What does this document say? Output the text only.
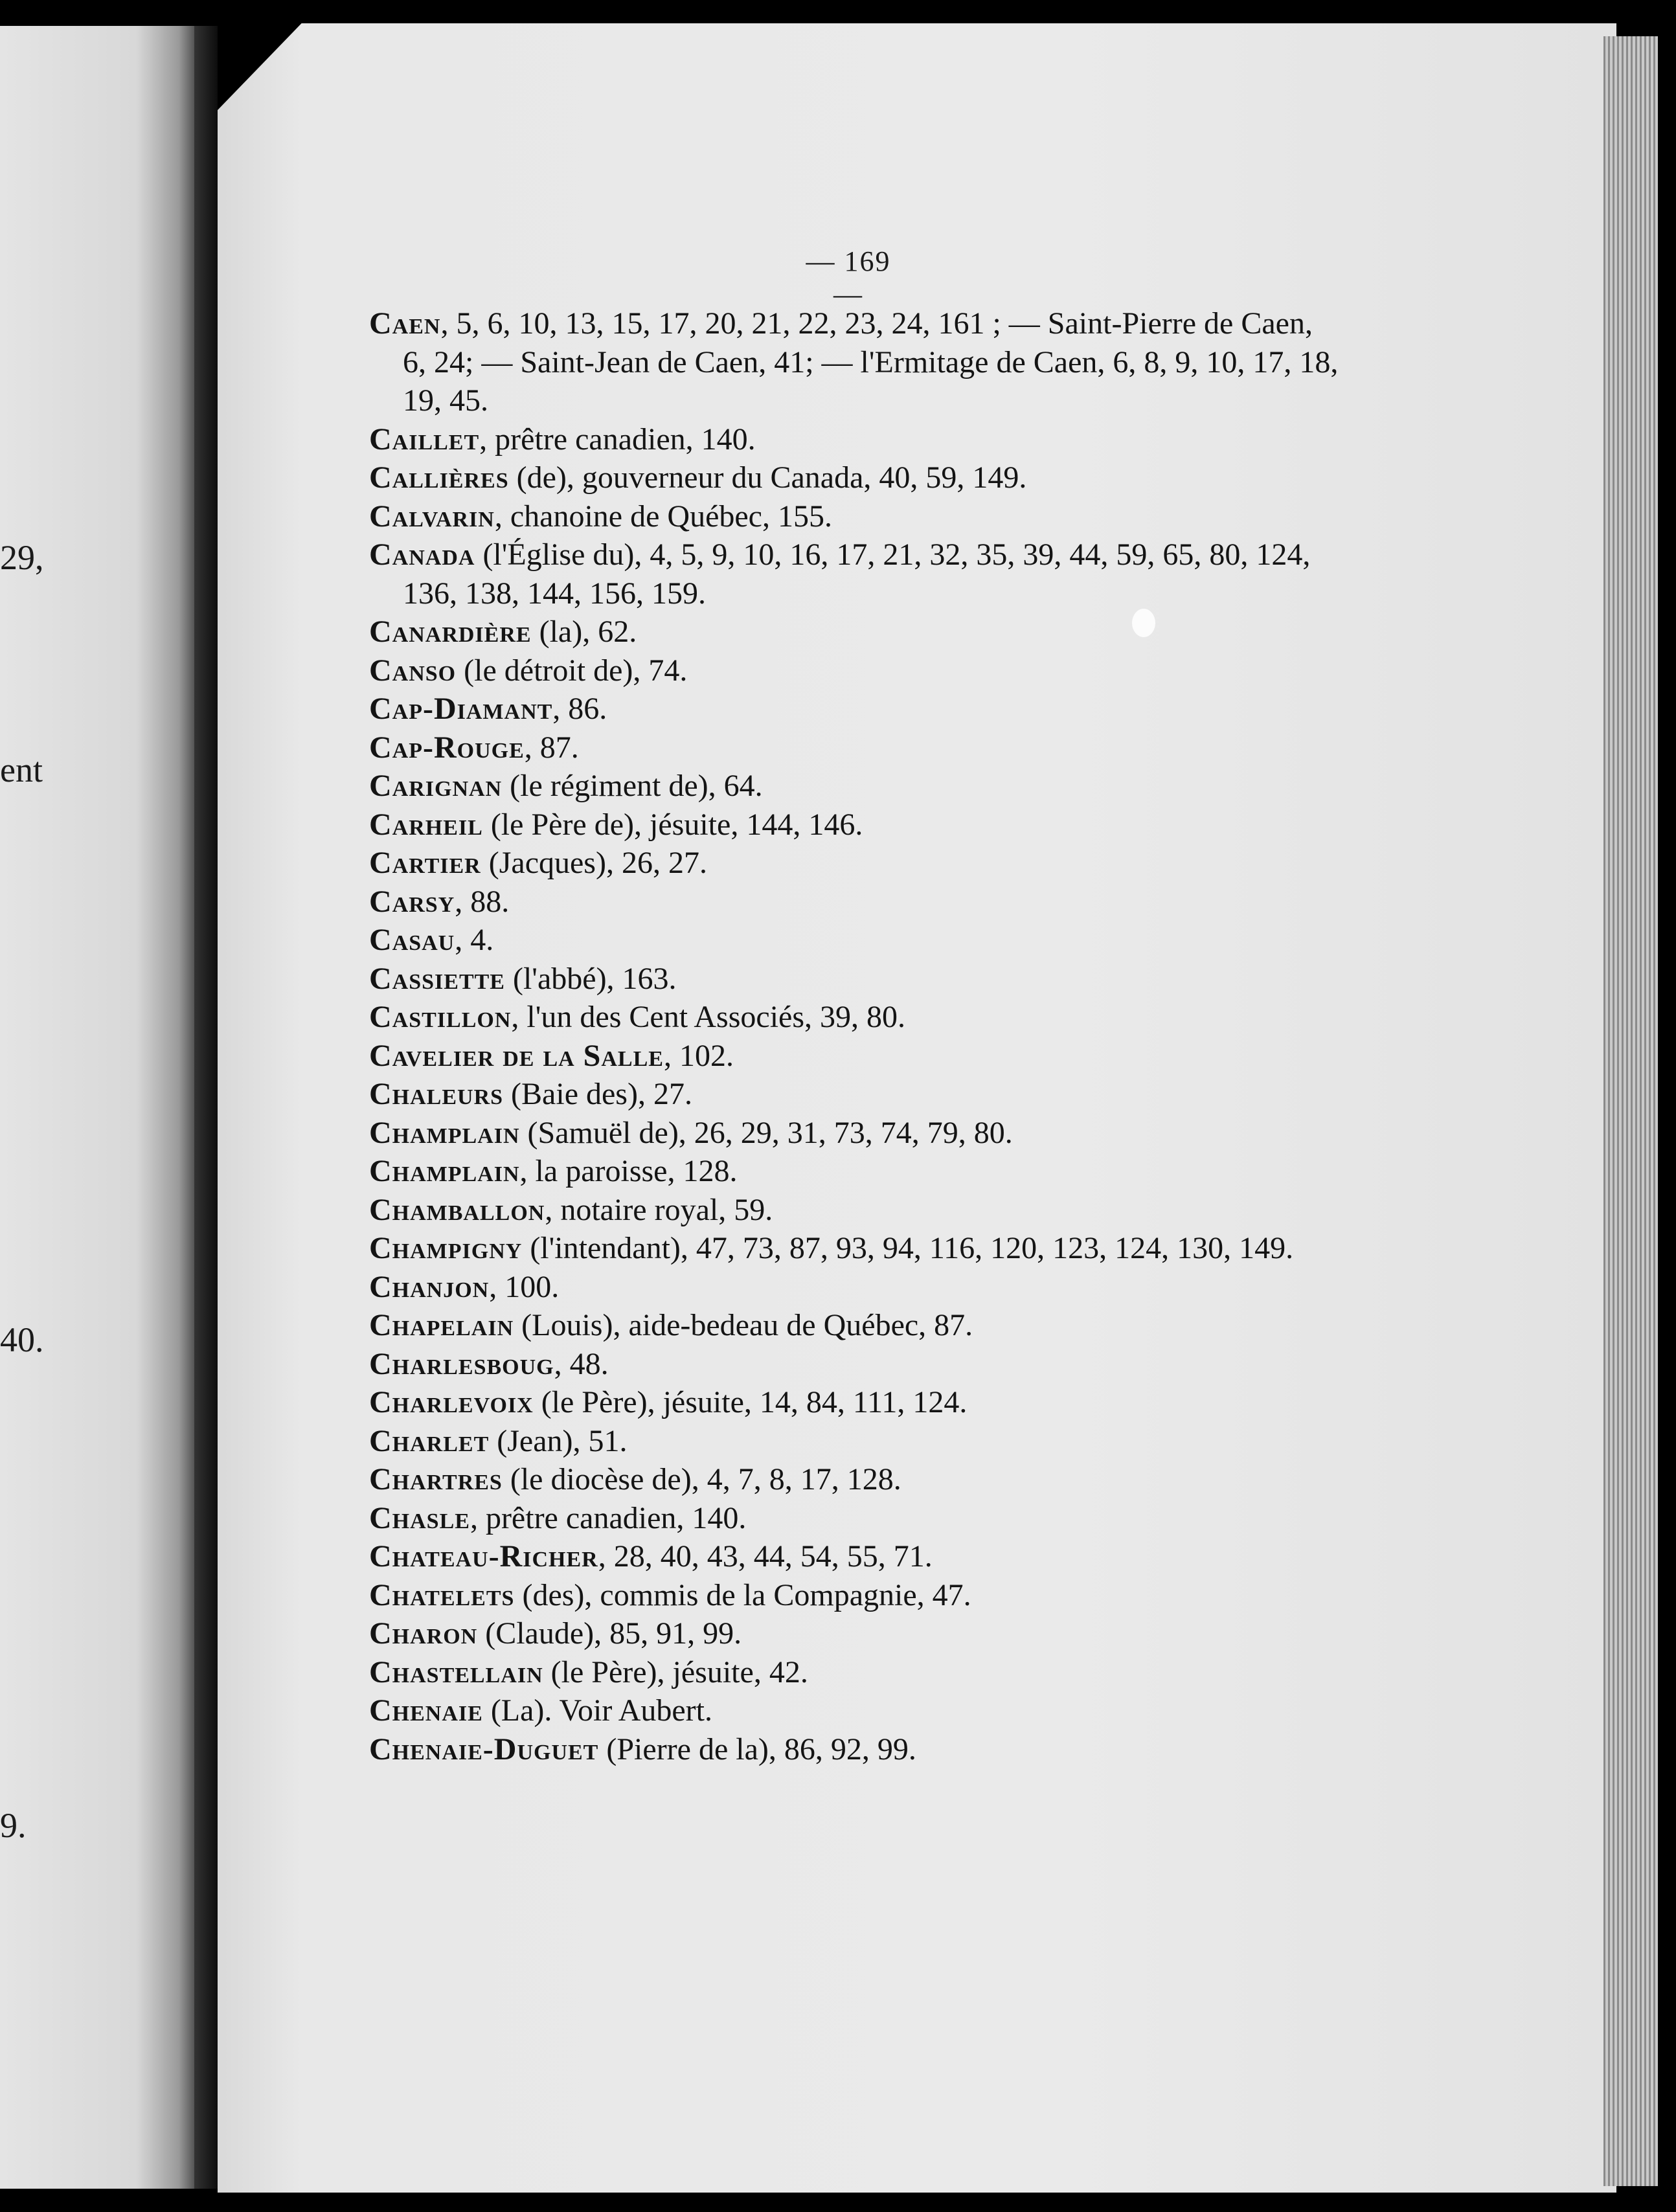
29,
ent
40.
9.
— 169 —
Caen, 5, 6, 10, 13, 15, 17, 20, 21, 22, 23, 24, 161 ; — Saint-Pierre de Caen, 6, 24; — Saint-Jean de Caen, 41; — l'Ermitage de Caen, 6, 8, 9, 10, 17, 18, 19, 45.
Caillet, prêtre canadien, 140.
Callières (de), gouverneur du Canada, 40, 59, 149.
Calvarin, chanoine de Québec, 155.
Canada (l'Église du), 4, 5, 9, 10, 16, 17, 21, 32, 35, 39, 44, 59, 65, 80, 124, 136, 138, 144, 156, 159.
Canardière (la), 62.
Canso (le détroit de), 74.
Cap-Diamant, 86.
Cap-Rouge, 87.
Carignan (le régiment de), 64.
Carheil (le Père de), jésuite, 144, 146.
Cartier (Jacques), 26, 27.
Carsy, 88.
Casau, 4.
Cassiette (l'abbé), 163.
Castillon, l'un des Cent Associés, 39, 80.
Cavelier de la Salle, 102.
Chaleurs (Baie des), 27.
Champlain (Samuël de), 26, 29, 31, 73, 74, 79, 80.
Champlain, la paroisse, 128.
Chamballon, notaire royal, 59.
Champigny (l'intendant), 47, 73, 87, 93, 94, 116, 120, 123, 124, 130, 149.
Chanjon, 100.
Chapelain (Louis), aide-bedeau de Québec, 87.
Charlesboug, 48.
Charlevoix (le Père), jésuite, 14, 84, 111, 124.
Charlet (Jean), 51.
Chartres (le diocèse de), 4, 7, 8, 17, 128.
Chasle, prêtre canadien, 140.
Chateau-Richer, 28, 40, 43, 44, 54, 55, 71.
Chatelets (des), commis de la Compagnie, 47.
Charon (Claude), 85, 91, 99.
Chastellain (le Père), jésuite, 42.
Chenaie (La). Voir Aubert.
Chenaie-Duguet (Pierre de la), 86, 92, 99.
